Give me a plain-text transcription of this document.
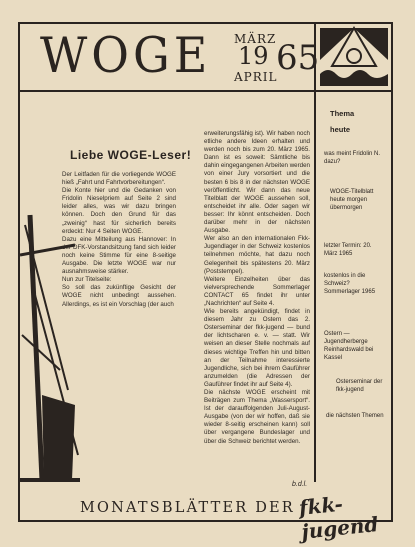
WOGE MÄRZ
19
APRIL
65
Liebe WOGE-Leser!

Der Leitfaden für die vorliegende WOGE hieß „Fahrt und Fahrtvorbereitungen“.

Die Konte hier und die Gedanken von Fridolin Nieselpriem auf Seite 2 sind leider alles, was wir dazu bringen können. Doch den Grund für das „zweinig“ hast für sicherlich bereits erdeckt: Nur 4 Seiten WOGE.

Dazu eine Mitteilung aus Hannover: In der DFK-Vorstandsitzung fand sich leider noch keine Stimme für eine 8-seitige Ausgabe. Die letzte WOGE war nur ausnahmsweise stärker.

Nun zur Titelseite:

So soll das zukünftige Gesicht der WOGE nicht unbedingt aussehen. Allerdings, es ist ein Vorschlag (der auch

erweiterungsfähig ist). Wir haben noch etliche andere Ideen erhalten und werden noch bis zum 20. März 1965. Dann ist es soweit: Sämtliche bis dahin eingegangenen Arbeiten werden von einer Jury vorsortiert und die besten 6 bis 8 in der nächsten WOGE veröffentlicht. Wir dann das neue Titelblatt der WOGE aussehen soll, entscheidet ihr alle. Oder sagen wir besser: Ihr könnt entscheiden. Doch darüber mehr in der nächsten Ausgabe.

Wer also an den internationalen Fkk-Jugendlager in der Schweiz kostenlos teilnehmen möchte, hat dazu noch Gelegenheit bis spätestens 20. März (Poststempel).

Weitere Einzelheiten über das vielversprechende Sommerlager CONTACT 65 findet ihr unter „Nachrichten“ auf Seite 4.

Wie bereits angekündigt, findet in diesem Jahr zu Ostern das 2. Osterseminar der fkk-jugend — bund der lichtscharen e. v. — statt. Wir weisen an dieser Stelle nochmals auf dieses wichtige Treffen hin und bitten an der Teilnahme interessierte Jugendliche, sich bei ihrem Gauführer anzumelden (die Adressen der Gauführer findet ihr auf Seite 4).

Die nächste WOGE erscheint mit Beiträgen zum Thema „Wassersport“. Ist der darauffolgenden Juli-August-Ausgabe (von der wir hoffen, daß sie wieder 8-seitig erscheinen kann) soll über vergangene Bundeslager und über die Schweiz berichtet werden.

Thema
heute
was meint Fridolin N. dazu?
WOGE-Titelblatt heute morgen übermorgen
letzter Termin: 20. März 1965
kostenlos in die Schweiz? Sommerlager 1965
Ostern — Jugendherberge Reinhardswald bei Kassel
Osterseminar der fkk-jugend
die nächsten Themen
MONATSBLÄTTER DER
b.d.l.
fkk-jugend
